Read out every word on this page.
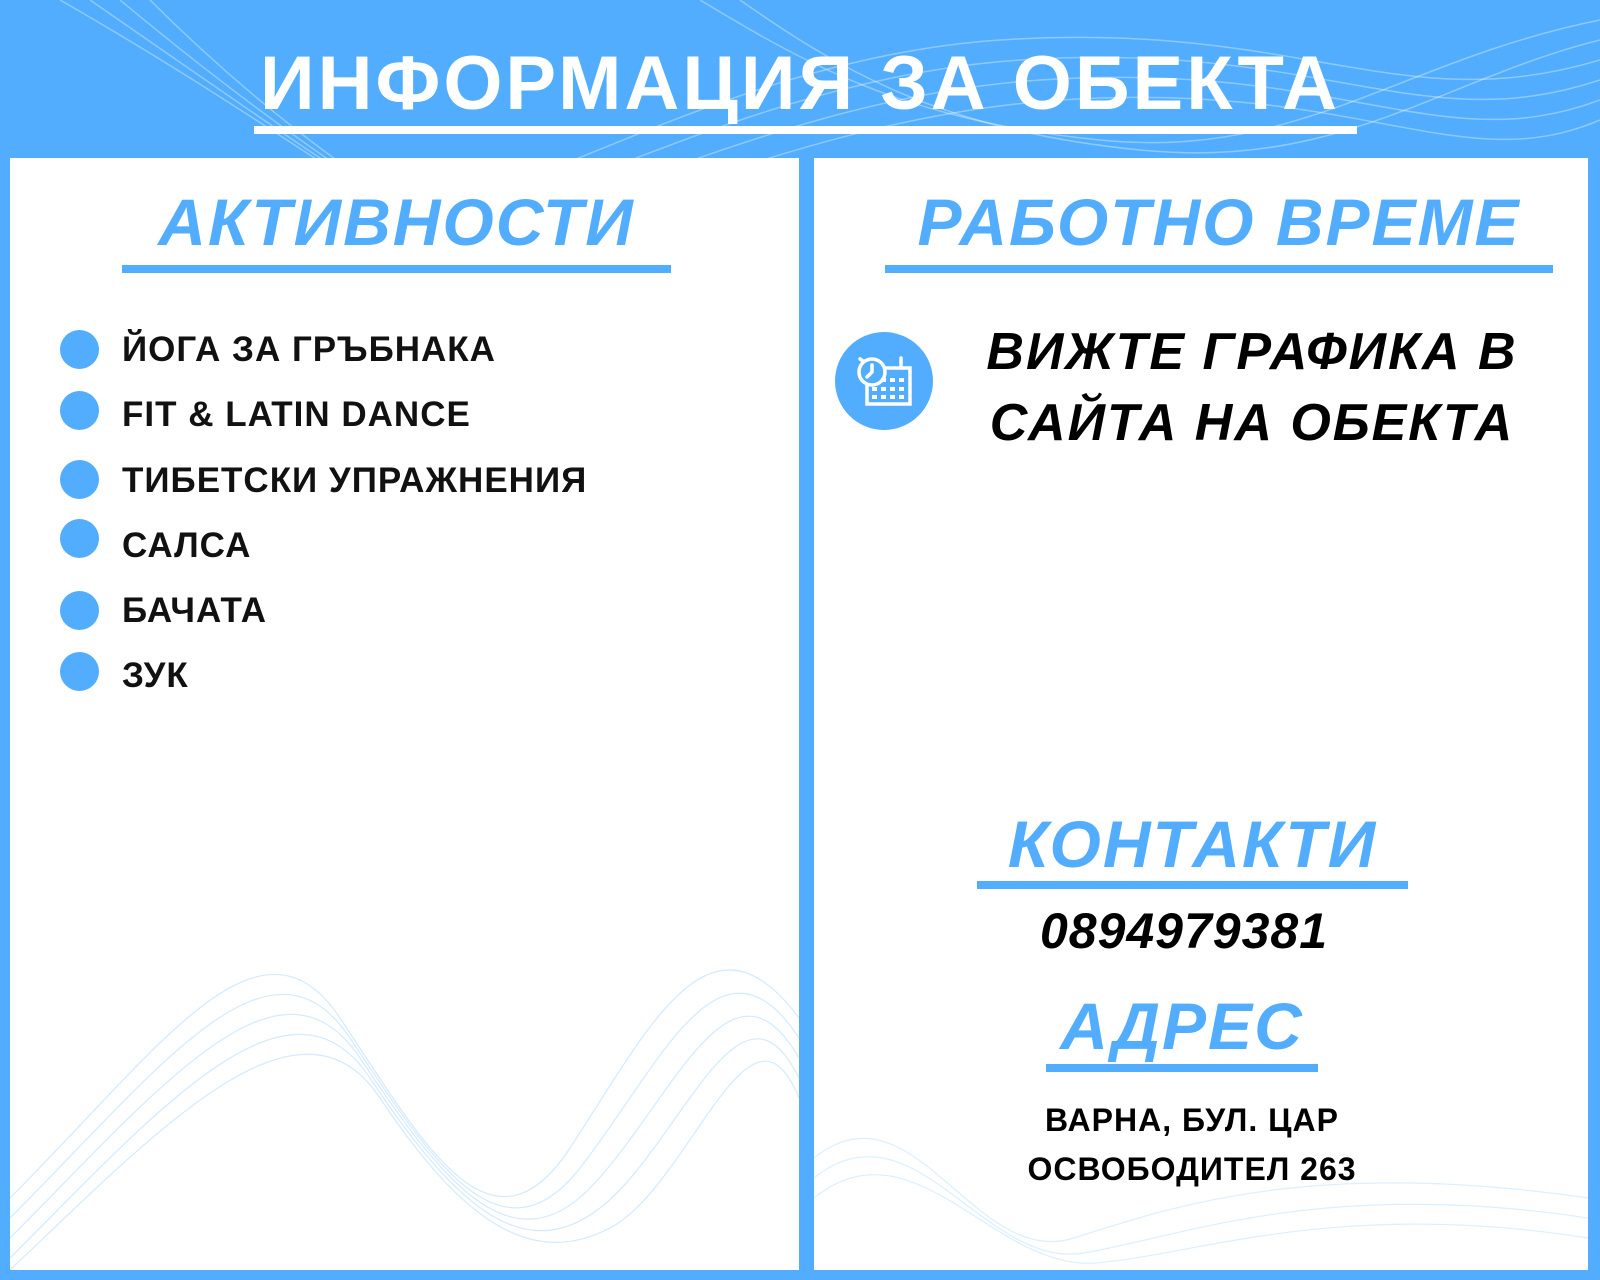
ИНФОРМАЦИЯ ЗА ОБЕКТА
АКТИВНОСТИ
ЙОГА ЗА ГРЪБНАКА
FIT & LATIN DANCE
ТИБЕТСКИ УПРАЖНЕНИЯ
САЛСА
БАЧАТА
ЗУК
РАБОТНО ВРЕМЕ
ВИЖТЕ ГРАФИКА В
САЙТА НА ОБЕКТА
КОНТАКТИ
0894979381
АДРЕС
ВАРНА, БУЛ. ЦАР
ОСВОБОДИТЕЛ 263
